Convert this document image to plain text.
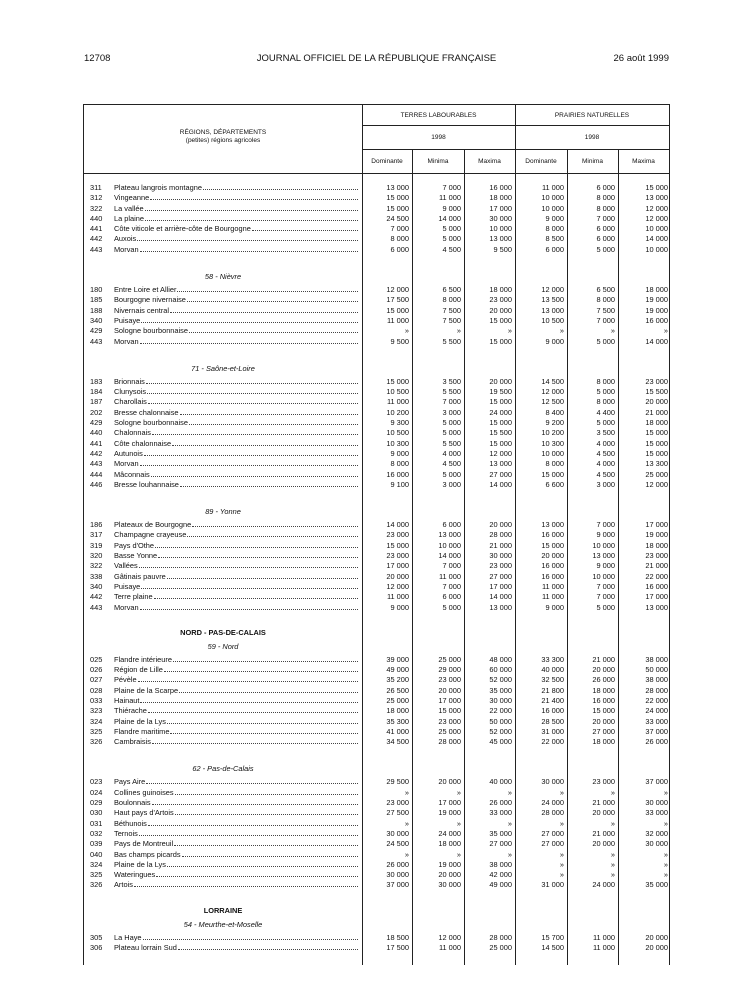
12708	JOURNAL OFFICIEL DE LA RÉPUBLIQUE FRANÇAISE	26 août 1999
RÉGIONS, DÉPARTEMENTS
(petites) régions agricoles
TERRES LABOURABLES	PRAIRIES NATURELLES
1998	1998
Dominante	Minima	Maxima	Dominante	Minima	Maxima
311	Plateau langrois montagne	13 000	7 000	16 000	11 000	6 000	15 000
312	Vingeanne	15 000	11 000	18 000	10 000	8 000	13 000
322	La vallée	15 000	9 000	17 000	10 000	8 000	12 000
440	La plaine	24 500	14 000	30 000	9 000	7 000	12 000
441	Côte viticole et arrière-côte de Bourgogne	7 000	5 000	10 000	8 000	6 000	10 000
442	Auxois	8 000	5 000	13 000	8 500	6 000	14 000
443	Morvan	6 000	4 500	9 500	6 000	5 000	10 000

58 - Nièvre							
180	Entre Loire et Allier	12 000	6 500	18 000	12 000	6 500	18 000
185	Bourgogne nivernaise	17 500	8 000	23 000	13 500	8 000	19 000
188	Nivernais central	15 000	7 500	20 000	13 000	7 500	19 000
340	Puisaye	11 000	7 500	15 000	10 500	7 000	16 000
429	Sologne bourbonnaise	»	»	»	»	»	»
443	Morvan	9 500	5 500	15 000	9 000	5 000	14 000

71 - Saône-et-Loire							
183	Brionnais	15 000	3 500	20 000	14 500	8 000	23 000
184	Clunysois	10 500	5 500	19 500	12 000	5 000	15 500
187	Charollais	11 000	7 000	15 000	12 500	8 000	20 000
202	Bresse chalonnaise	10 200	3 000	24 000	8 400	4 400	21 000
429	Sologne bourbonnaise	9 300	5 000	15 000	9 200	5 000	18 000
440	Chalonnais	10 500	5 000	15 500	10 200	3 500	15 000
441	Côte chalonnaise	10 300	5 500	15 000	10 300	4 000	15 000
442	Autunois	9 000	4 000	12 000	10 000	4 500	15 000
443	Morvan	8 000	4 500	13 000	8 000	4 000	13 300
444	Mâconnais	16 000	5 000	27 000	15 000	4 500	25 000
446	Bresse louhannaise	9 100	3 000	14 000	6 600	3 000	12 000

89 - Yonne							
186	Plateaux de Bourgogne	14 000	6 000	20 000	13 000	7 000	17 000
317	Champagne crayeuse	23 000	13 000	28 000	16 000	9 000	19 000
319	Pays d'Othe	15 000	10 000	21 000	15 000	10 000	18 000
320	Basse Yonne	23 000	14 000	30 000	20 000	13 000	23 000
322	Vallées	17 000	7 000	23 000	16 000	9 000	21 000
338	Gâtinais pauvre	20 000	11 000	27 000	16 000	10 000	22 000
340	Puisaye	12 000	7 000	17 000	11 000	7 000	16 000
442	Terre plaine	11 000	6 000	14 000	11 000	7 000	17 000
443	Morvan	9 000	5 000	13 000	9 000	5 000	13 000

NORD - PAS-DE-CALAIS							
59 - Nord							
025	Flandre intérieure	39 000	25 000	48 000	33 300	21 000	38 000
026	Région de Lille	49 000	29 000	60 000	40 000	20 000	50 000
027	Pévèle	35 200	23 000	52 000	32 500	26 000	38 000
028	Plaine de la Scarpe	26 500	20 000	35 000	21 800	18 000	28 000
033	Hainaut	25 000	17 000	30 000	21 400	16 000	22 000
323	Thiérache	18 000	15 000	22 000	16 000	15 000	24 000
324	Plaine de la Lys	35 300	23 000	50 000	28 500	20 000	33 000
325	Flandre maritime	41 000	25 000	52 000	31 000	27 000	37 000
326	Cambraisis	34 500	28 000	45 000	22 000	18 000	26 000

62 - Pas-de-Calais							
023	Pays Aire	29 500	20 000	40 000	30 000	23 000	37 000
024	Collines guinoises	»	»	»	»	»	»
029	Boulonnais	23 000	17 000	26 000	24 000	21 000	30 000
030	Haut pays d'Artois	27 500	19 000	33 000	28 000	20 000	33 000
031	Béthunois	»	»	»	»	»	»
032	Ternois	30 000	24 000	35 000	27 000	21 000	32 000
039	Pays de Montreuil	24 500	18 000	27 000	27 000	20 000	30 000
040	Bas champs picards	»	»	»	»	»	»
324	Plaine de la Lys	26 000	19 000	38 000	»	»	»
325	Wateringues	30 000	20 000	42 000	»	»	»
326	Artois	37 000	30 000	49 000	31 000	24 000	35 000

LORRAINE							
54 - Meurthe-et-Moselle							
305	La Haye	18 500	12 000	28 000	15 700	11 000	20 000
306	Plateau lorrain Sud	17 500	11 000	25 000	14 500	11 000	20 000
